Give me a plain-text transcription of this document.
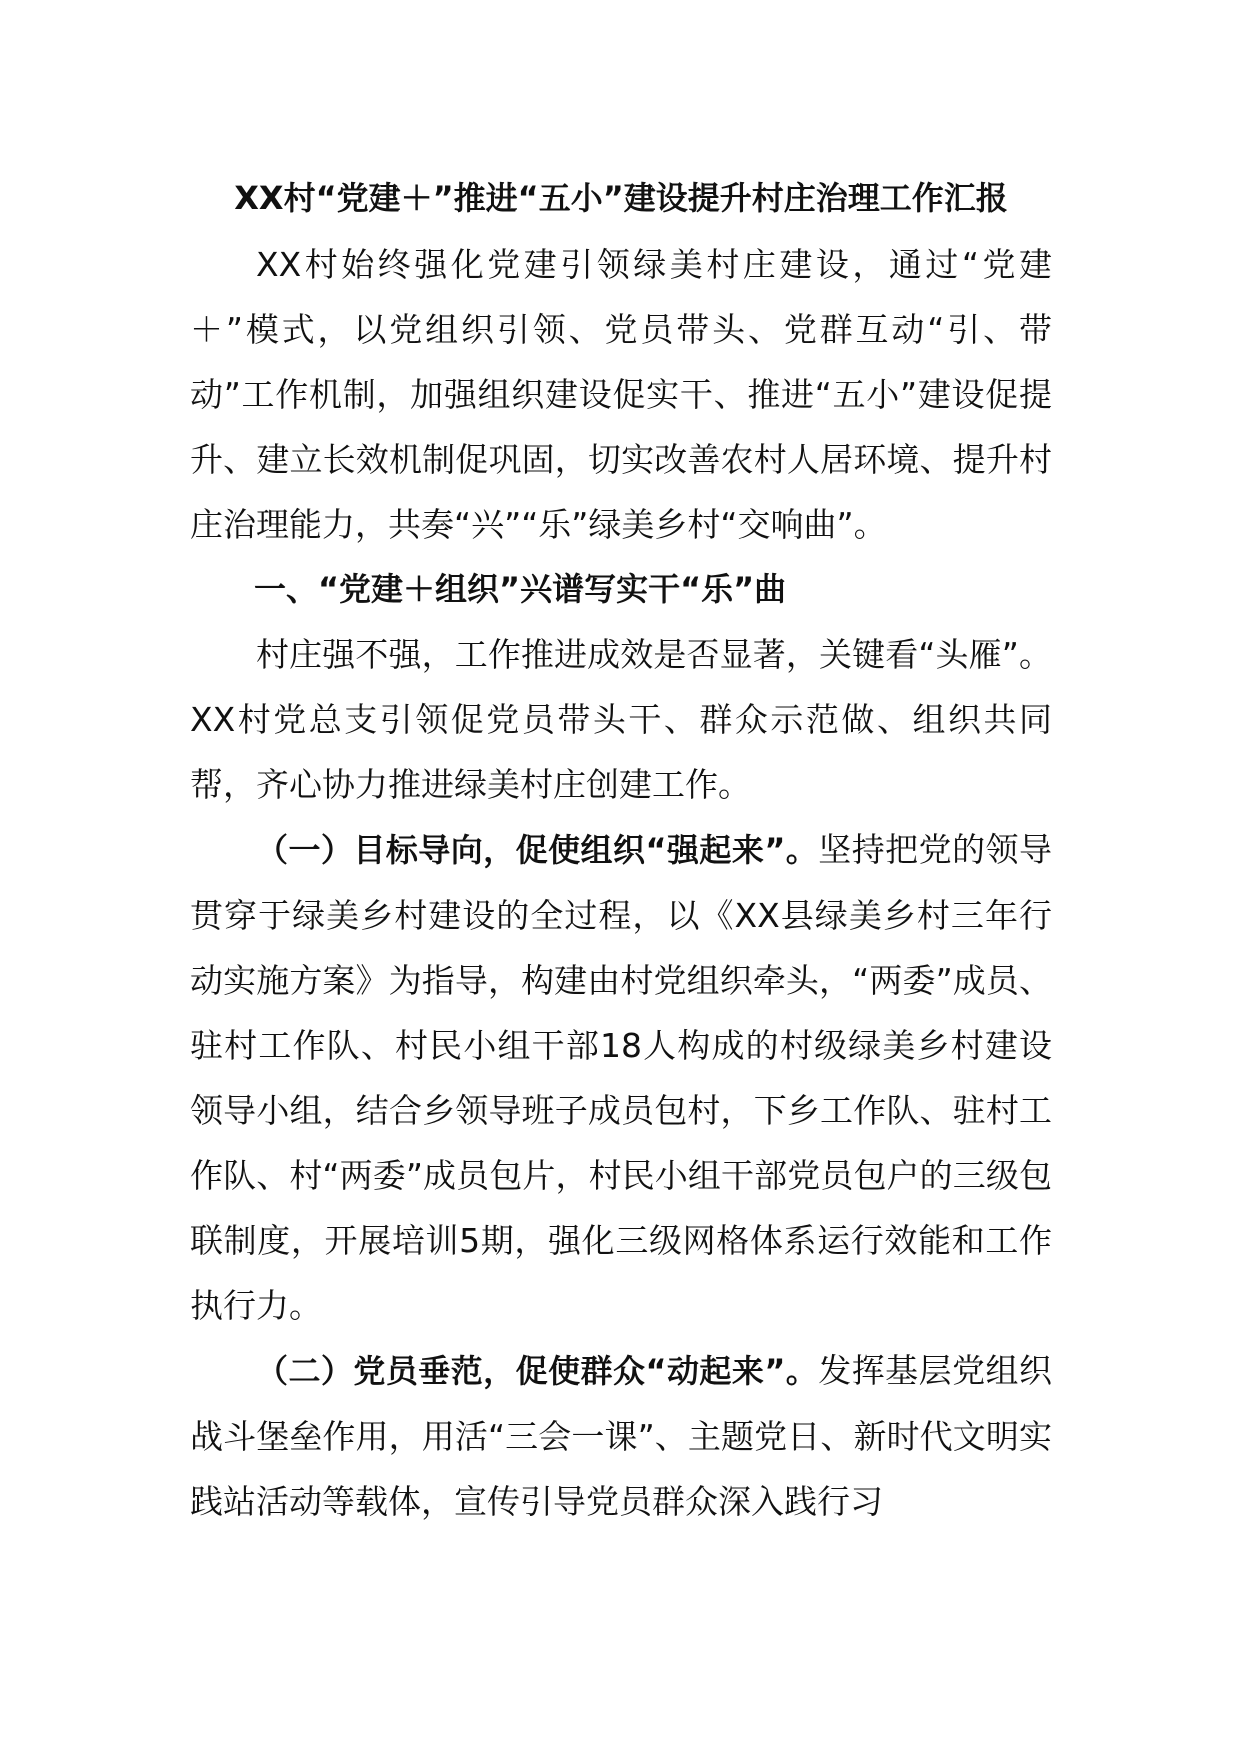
XX村“党建＋”推进“五小”建设提升村庄治理工作汇报

XX村始终强化党建引领绿美村庄建设，通过“党建＋”模式，以党组织引领、党员带头、党群互动“引、带动”工作机制，加强组织建设促实干、推进“五小”建设促提升、建立长效机制促巩固，切实改善农村人居环境、提升村庄治理能力，共奏“兴”“乐”绿美乡村“交响曲”。

一、“党建＋组织”兴谱写实干“乐”曲

村庄强不强，工作推进成效是否显著，关键看“头雁”。XX村党总支引领促党员带头干、群众示范做、组织共同帮，齐心协力推进绿美村庄创建工作。

（一）目标导向，促使组织“强起来”。坚持把党的领导贯穿于绿美乡村建设的全过程，以《XX县绿美乡村三年行动实施方案》为指导，构建由村党组织牵头，“两委”成员、驻村工作队、村民小组干部18人构成的村级绿美乡村建设领导小组，结合乡领导班子成员包村，下乡工作队、驻村工作队、村“两委”成员包片，村民小组干部党员包户的三级包联制度，开展培训5期，强化三级网格体系运行效能和工作执行力。

（二）党员垂范，促使群众“动起来”。发挥基层党组织战斗堡垒作用，用活“三会一课”、主题党日、新时代文明实践站活动等载体，宣传引导党员群众深入践行习
